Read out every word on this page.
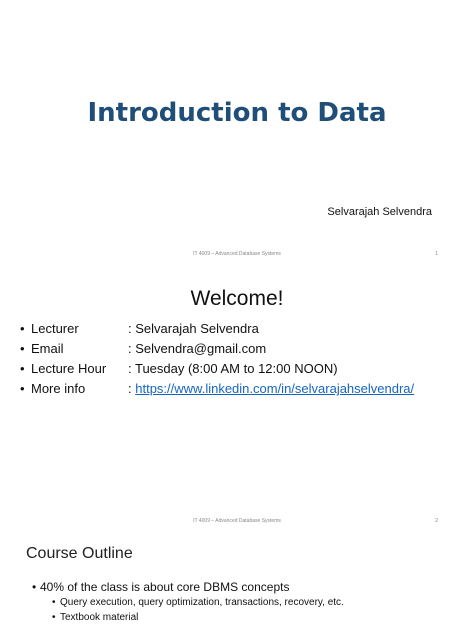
Introduction to Data
Selvarajah Selvendra
IT 4009 – Advanced Database Systems	1
Welcome!
• Lecturer	: Selvarajah Selvendra
• Email	: Selvendra@gmail.com
• Lecture Hour : Tuesday (8:00 AM to 12:00 NOON)
• More info	: https://www.linkedin.com/in/selvarajahselvendra/
IT 4009 – Advanced Database Systems	2
Course Outline
• 40% of the class is about core DBMS concepts
• Query execution, query optimization, transactions, recovery, etc.
• Textbook material
